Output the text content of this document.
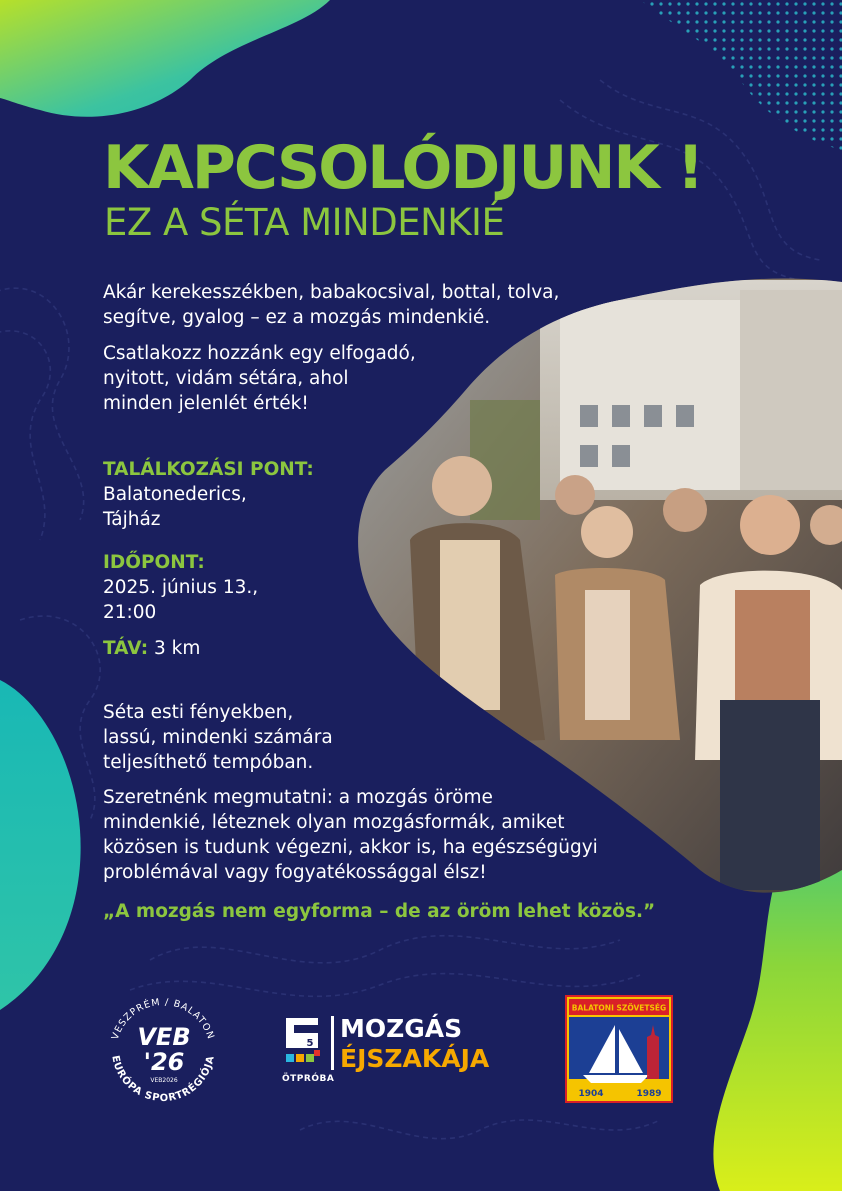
KAPCSOLÓDJUNK !
EZ A SÉTA MINDENKIÉ
Akár kerekesszékben, babakocsival, bottal, tolva,
segítve, gyalog – ez a mozgás mindenkié.
Csatlakozz hozzánk egy elfogadó,
nyitott, vidám sétára, ahol
minden jelenlét érték!
TALÁLKOZÁSI PONT:
Balatonederics,
Tájház
IDŐPONT:
2025. június 13.,
21:00
TÁV: 3 km
Séta esti fényekben,
lassú, mindenki számára
teljesíthető tempóban.
Szeretnénk megmutatni: a mozgás öröme
mindenkié, léteznek olyan mozgásformák, amiket
közösen is tudunk végezni, akkor is, ha egészségügyi
problémával vagy fogyatékossággal élsz!
„A mozgás nem egyforma – de az öröm lehet közös.”
VESZPRÉM / BALATON
EURÓPA SPORTRÉGIÓJA
VEB
'26
VEB2026
5
ÖTPRÓBA
MOZGÁS
ÉJSZAKÁJA
BALATONI SZÖVETSÉG
1904	1989
